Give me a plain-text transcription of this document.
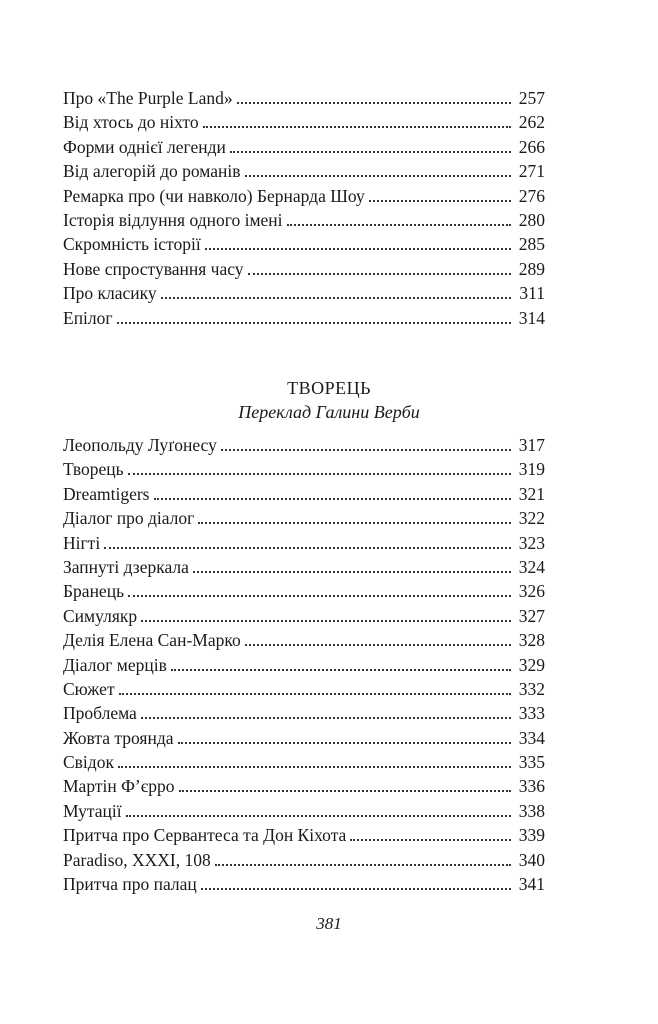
Про «The Purple Land»	257
Від хтось до ніхто	262
Форми однієї легенди	266
Від алегорій до романів	271
Ремарка про (чи навколо) Бернарда Шоу	276
Історія відлуння одного імені	280
Скромність історії	285
Нове спростування часу	289
Про класику	311
Епілог	314
ТВОРЕЦЬ
Переклад Галини Верби
Леопольду Луґонесу	317
Творець	319
Dreamtigers	321
Діалог про діалог	322
Нігті	323
Запнуті дзеркала	324
Бранець	326
Симулякр	327
Делія Елена Сан-Марко	328
Діалог мерців	329
Сюжет	332
Проблема	333
Жовта троянда	334
Свідок	335
Мартін Ф’єрро	336
Мутації	338
Притча про Сервантеса та Дон Кіхота	339
Paradiso, XXXI, 108	340
Притча про палац	341
381
